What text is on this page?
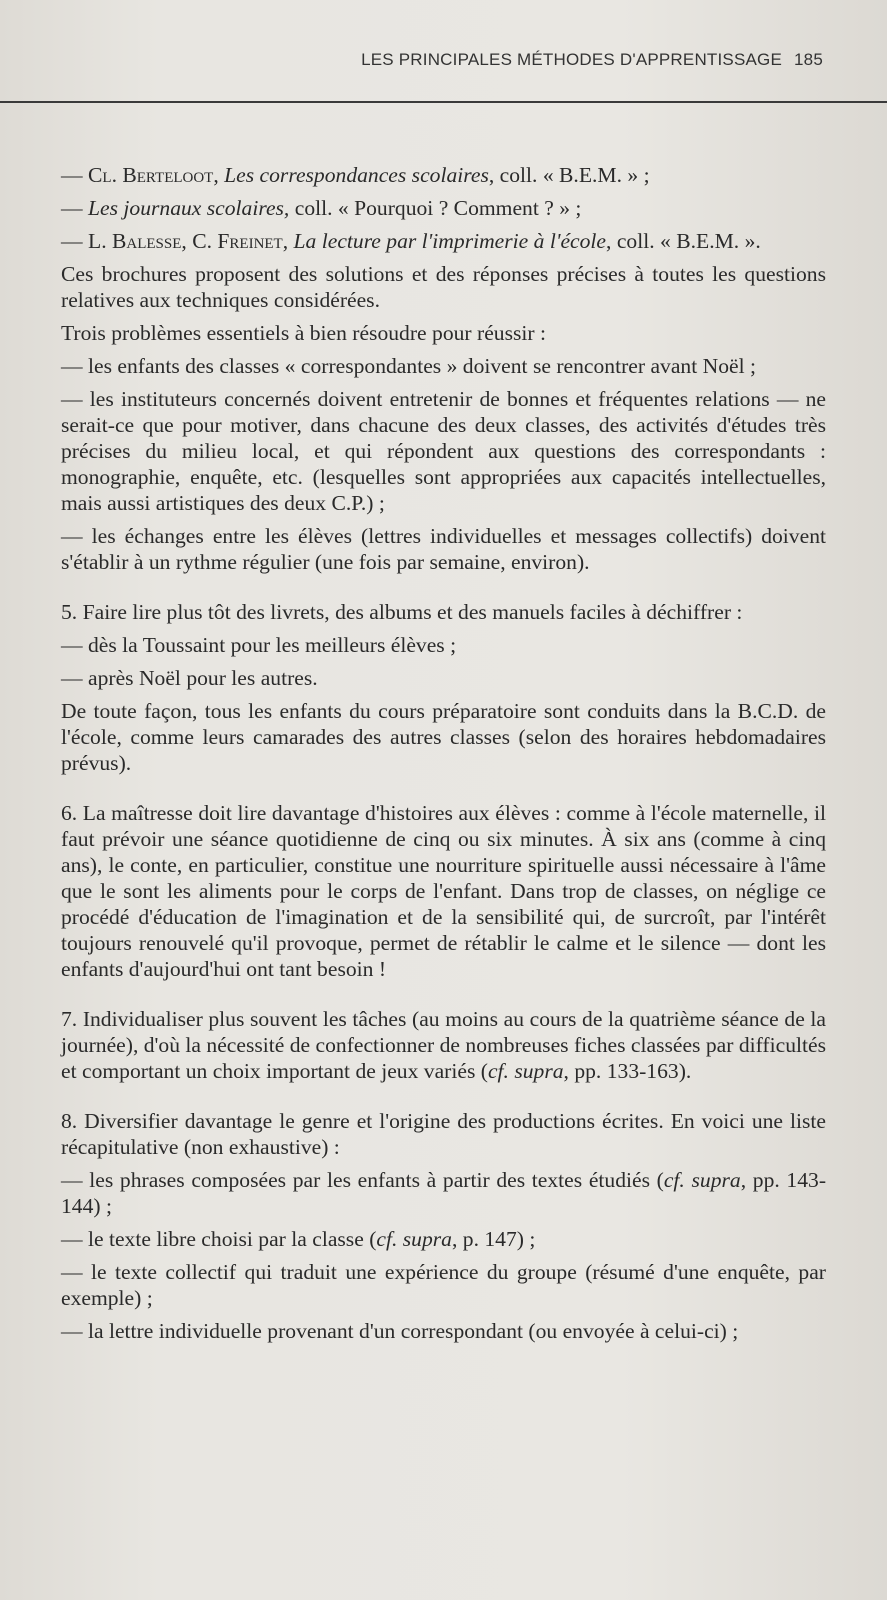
LES PRINCIPALES MÉTHODES D'APPRENTISSAGE 185

— Cl. Berteloot, Les correspondances scolaires, coll. « B.E.M. » ;

— Les journaux scolaires, coll. « Pourquoi ? Comment ? » ;

— L. Balesse, C. Freinet, La lecture par l'imprimerie à l'école, coll. « B.E.M. ».

Ces brochures proposent des solutions et des réponses précises à toutes les questions relatives aux techniques considérées.

Trois problèmes essentiels à bien résoudre pour réussir :

— les enfants des classes « correspondantes » doivent se rencontrer avant Noël ;

— les instituteurs concernés doivent entretenir de bonnes et fréquentes relations — ne serait-ce que pour motiver, dans chacune des deux classes, des activités d'études très précises du milieu local, et qui répondent aux questions des correspondants : monographie, enquête, etc. (lesquelles sont appropriées aux capacités intellectuelles, mais aussi artistiques des deux C.P.) ;

— les échanges entre les élèves (lettres individuelles et messages collectifs) doivent s'établir à un rythme régulier (une fois par semaine, environ).

5. Faire lire plus tôt des livrets, des albums et des manuels faciles à déchiffrer :

— dès la Toussaint pour les meilleurs élèves ;

— après Noël pour les autres.

De toute façon, tous les enfants du cours préparatoire sont conduits dans la B.C.D. de l'école, comme leurs camarades des autres classes (selon des horaires hebdomadaires prévus).

6. La maîtresse doit lire davantage d'histoires aux élèves : comme à l'école maternelle, il faut prévoir une séance quotidienne de cinq ou six minutes. À six ans (comme à cinq ans), le conte, en particulier, constitue une nourriture spirituelle aussi nécessaire à l'âme que le sont les aliments pour le corps de l'enfant. Dans trop de classes, on néglige ce procédé d'éducation de l'imagination et de la sensibilité qui, de surcroît, par l'intérêt toujours renouvelé qu'il provoque, permet de rétablir le calme et le silence — dont les enfants d'aujourd'hui ont tant besoin !

7. Individualiser plus souvent les tâches (au moins au cours de la quatrième séance de la journée), d'où la nécessité de confectionner de nombreuses fiches classées par difficultés et comportant un choix important de jeux variés (cf. supra, pp. 133-163).

8. Diversifier davantage le genre et l'origine des productions écrites. En voici une liste récapitulative (non exhaustive) :

— les phrases composées par les enfants à partir des textes étudiés (cf. supra, pp. 143-144) ;

— le texte libre choisi par la classe (cf. supra, p. 147) ;

— le texte collectif qui traduit une expérience du groupe (résumé d'une enquête, par exemple) ;

— la lettre individuelle provenant d'un correspondant (ou envoyée à celui-ci) ;
